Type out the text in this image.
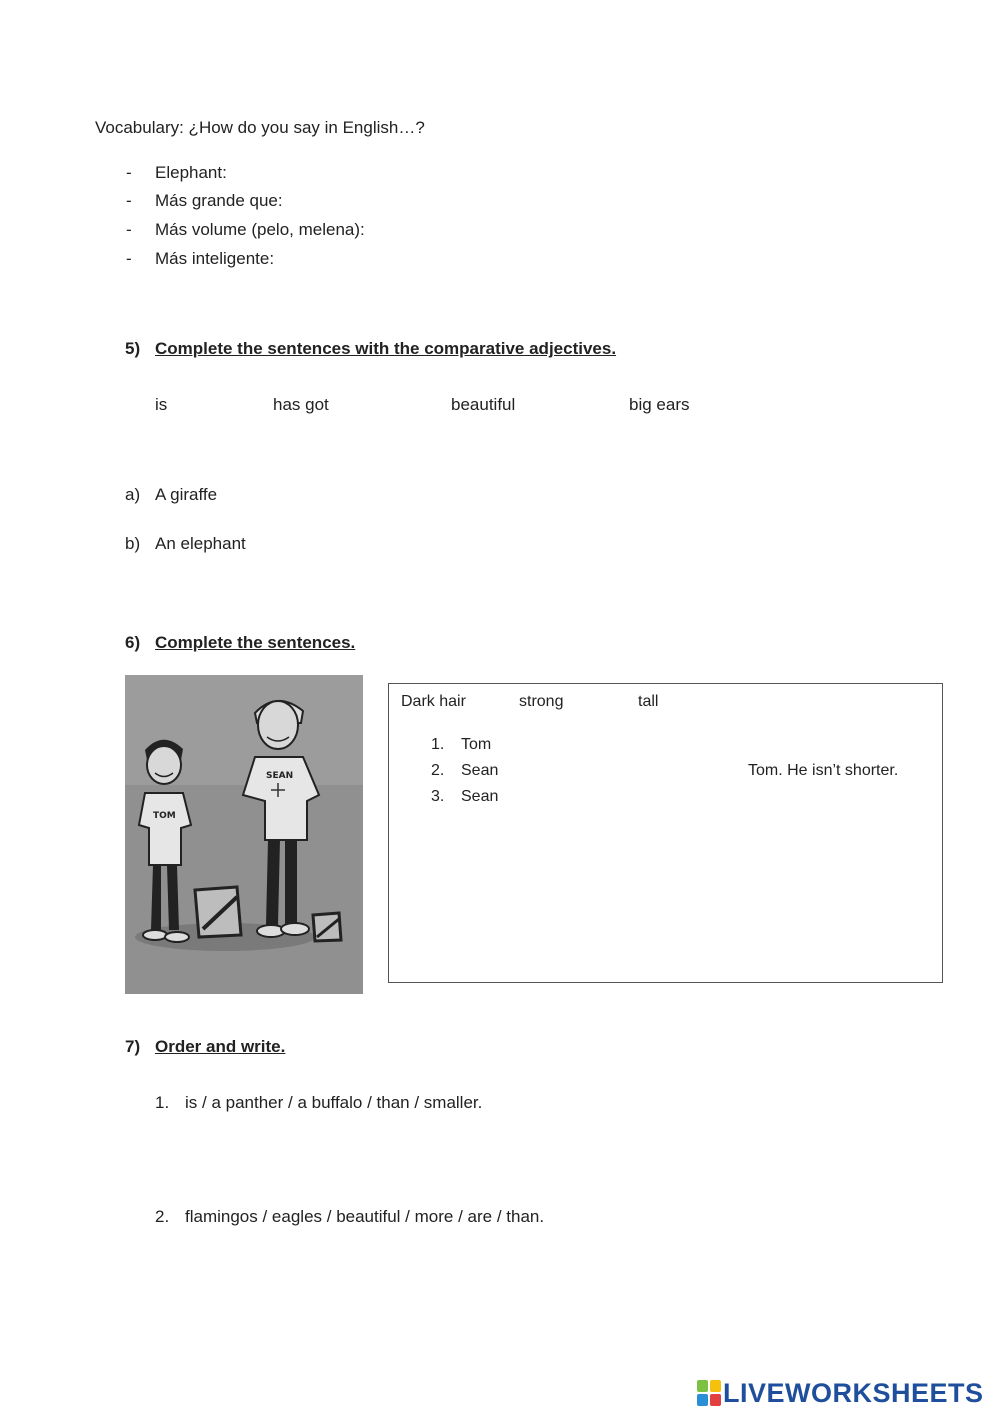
Vocabulary: ¿How do you say in English…?
- Elephant:
- Más grande que:
- Más volume (pelo, melena):
- Más inteligente:
5) Complete the sentences with the comparative adjectives.
is	has got	beautiful	big ears
a) A giraffe
b) An elephant
6) Complete the sentences.
TOM
SEAN
Dark hair	strong	tall
1. Tom
2. Sean	Tom. He isn’t shorter.
3. Sean
7) Order and write.
1. is / a panther / a buffalo / than / smaller.
2. flamingos / eagles / beautiful / more / are / than.
LIVEWORKSHEETS
